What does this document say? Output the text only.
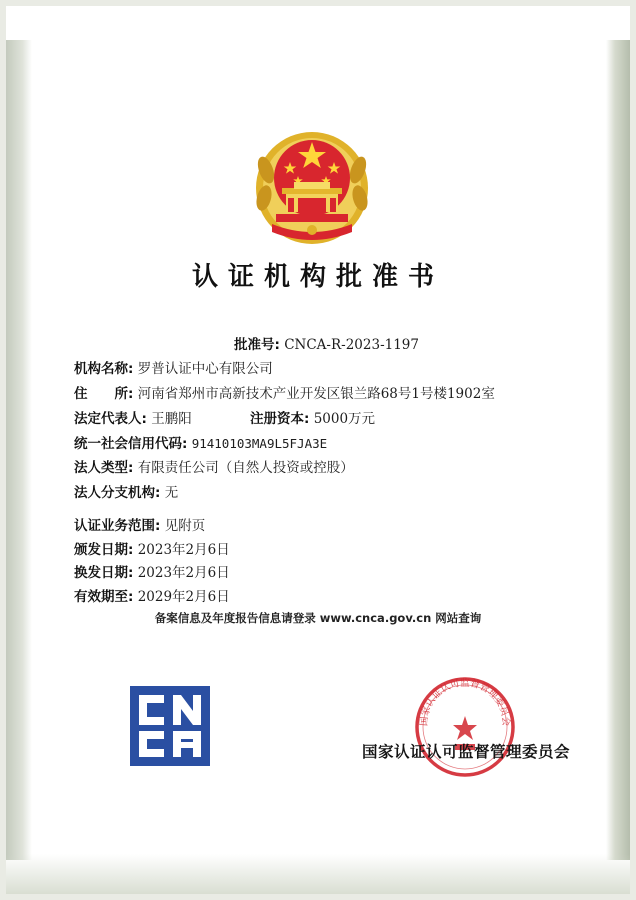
认证机构批准书
批准号: CNCA-R-2023-1197
机构名称: 罗普认证中心有限公司
住　　所: 河南省郑州市高新技术产业开发区银兰路68号1号楼1902室
法定代表人: 王鹏阳	注册资本: 5000万元
统一社会信用代码: 91410103MA9L5FJA3E
法人类型: 有限责任公司（自然人投资或控股）
法人分支机构: 无
认证业务范围: 见附页
颁发日期: 2023年2月6日
换发日期: 2023年2月6日
有效期至: 2029年2月6日
备案信息及年度报告信息请登录 www.cnca.gov.cn 网站查询
国家认证认可监督管理委员会
国家认证认可监督管理委员会
